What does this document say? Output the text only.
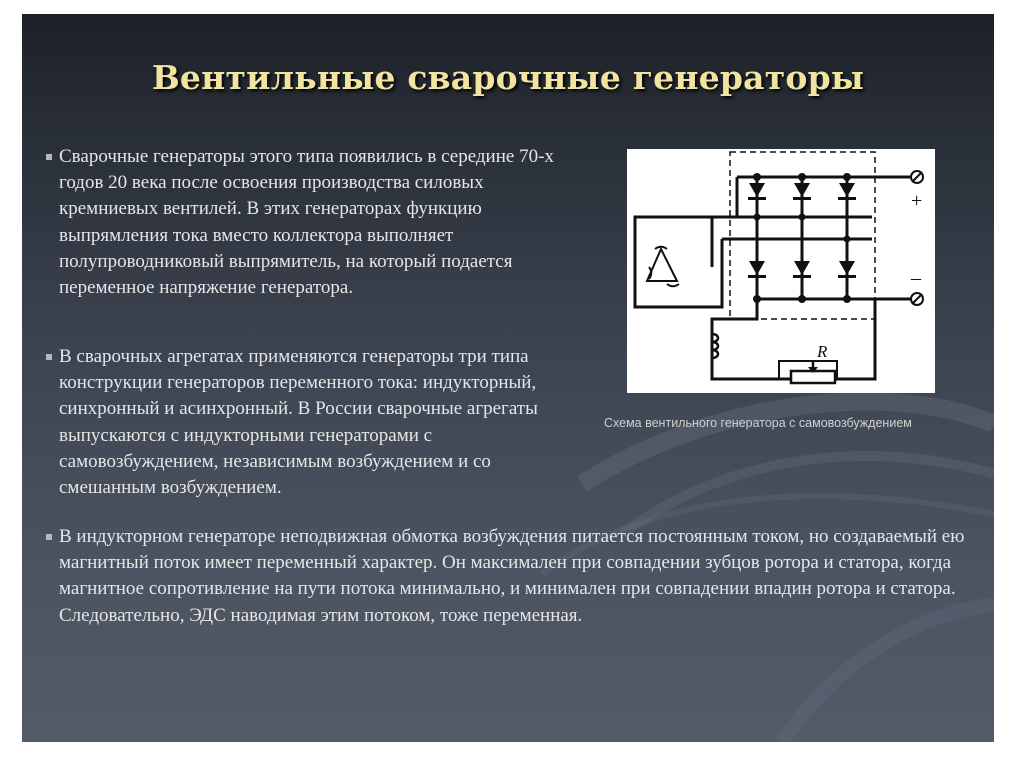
Вентильные сварочные генераторы

Сварочные генераторы этого типа появились в середине 70-х годов 20 века после освоения производства силовых кремниевых вентилей. В этих генераторах функцию выпрямления тока вместо коллектора выполняет полупроводниковый выпрямитель, на который подается переменное напряжение генератора.

В сварочных агрегатах применяются генераторы три типа конструкции генераторов переменного тока: индукторный, синхронный и асинхронный. В России сварочные агрегаты выпускаются с индукторными генераторами с самовозбуждением, независимым возбуждением и со смешанным возбуждением.

В индукторном генераторе неподвижная обмотка возбуждения питается постоянным током, но создаваемый ею магнитный поток имеет переменный характер. Он максимален при совпадении зубцов ротора и статора, когда магнитное сопротивление на пути потока минимально, и минимален при совпадении впадин ротора и статора. Следовательно, ЭДС наводимая этим потоком, тоже переменная.

+
–
R

Схема вентильного генератора с самовозбуждением
